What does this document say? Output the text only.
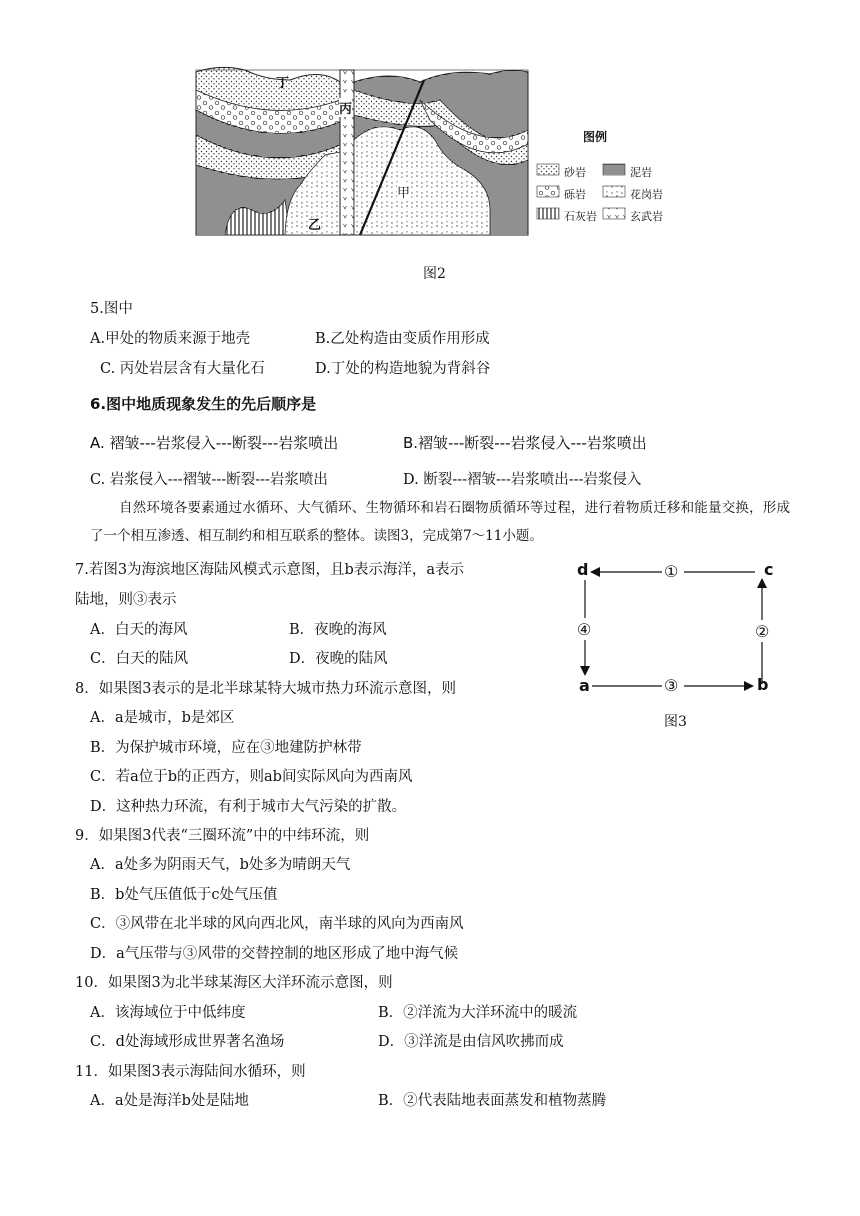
丁
丙
甲
乙
图例
砂岩	泥岩
砾岩	花岗岩
石灰岩	玄武岩
图2
5.图中
A.甲处的物质来源于地壳	B.乙处构造由变质作用形成
C. 丙处岩层含有大量化石	D.丁处的构造地貌为背斜谷
6.图中地质现象发生的先后顺序是
A. 褶皱---岩浆侵入---断裂---岩浆喷出	B.褶皱---断裂---岩浆侵入---岩浆喷出
C. 岩浆侵入---褶皱---断裂---岩浆喷出	D. 断裂---褶皱---岩浆喷出---岩浆侵入
自然环境各要素通过水循环、大气循环、生物循环和岩石圈物质循环等过程，进行着物质迁移和能量交换，形成了一个相互渗透、相互制约和相互联系的整体。读图3，完成第7～11小题。
d	c
a	b
①
②
③
④
图3
7.若图3为海滨地区海陆风模式示意图，且b表示海洋，a表示
陆地，则③表示
A．白天的海风	B．夜晚的海风
C．白天的陆风	D．夜晚的陆风
8．如果图3表示的是北半球某特大城市热力环流示意图，则
A．a是城市，b是郊区
B．为保护城市环境，应在③地建防护林带
C．若a位于b的正西方，则ab间实际风向为西南风
D．这种热力环流，有利于城市大气污染的扩散。
9．如果图3代表“三圈环流”中的中纬环流，则
A．a处多为阴雨天气，b处多为晴朗天气
B．b处气压值低于c处气压值
C．③风带在北半球的风向西北风，南半球的风向为西南风
D．a气压带与③风带的交替控制的地区形成了地中海气候
10．如果图3为北半球某海区大洋环流示意图，则
A．该海域位于中低纬度	B．②洋流为大洋环流中的暖流
C．d处海域形成世界著名渔场	D．③洋流是由信风吹拂而成
11．如果图3表示海陆间水循环，则
A．a处是海洋b处是陆地	B．②代表陆地表面蒸发和植物蒸腾
